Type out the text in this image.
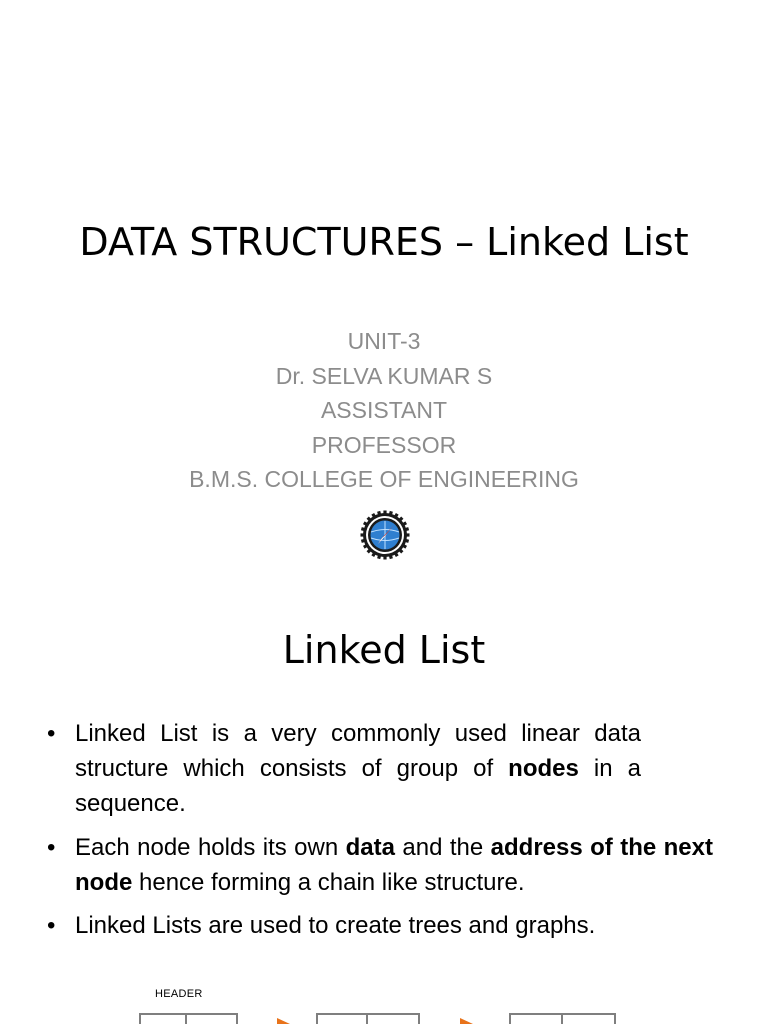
DATA STRUCTURES – Linked List
UNIT-3
Dr. SELVA KUMAR S
ASSISTANT
PROFESSOR
B.M.S. COLLEGE OF ENGINEERING
Linked List
• Linked List is a very commonly used linear data structure which consists of group of nodes in a sequence.
• Each node holds its own data and the address of the next node hence forming a chain like structure.
• Linked Lists are used to create trees and graphs.
HEADER
